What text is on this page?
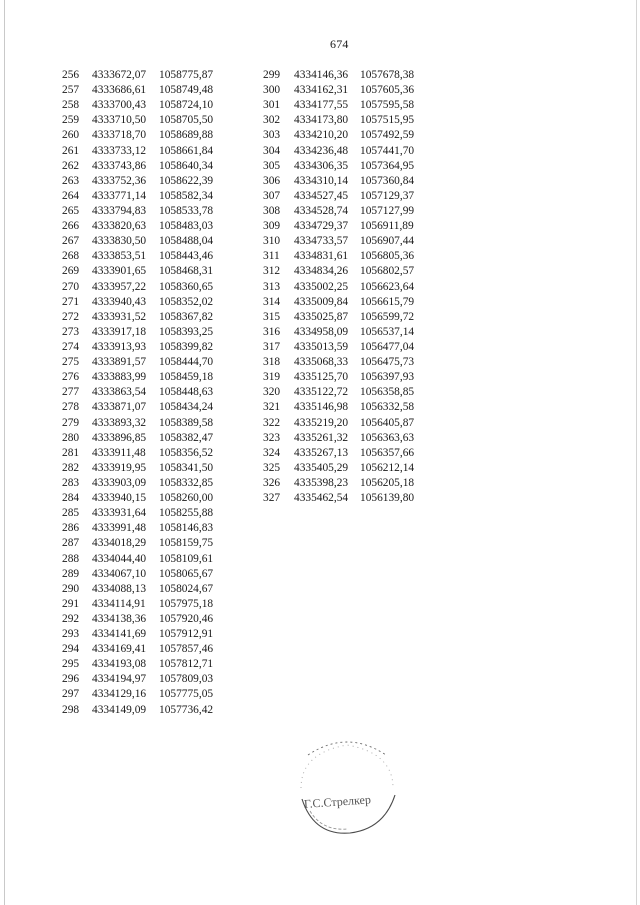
674
256	4333672,07	1058775,87
257	4333686,61	1058749,48
258	4333700,43	1058724,10
259	4333710,50	1058705,50
260	4333718,70	1058689,88
261	4333733,12	1058661,84
262	4333743,86	1058640,34
263	4333752,36	1058622,39
264	4333771,14	1058582,34
265	4333794,83	1058533,78
266	4333820,63	1058483,03
267	4333830,50	1058488,04
268	4333853,51	1058443,46
269	4333901,65	1058468,31
270	4333957,22	1058360,65
271	4333940,43	1058352,02
272	4333931,52	1058367,82
273	4333917,18	1058393,25
274	4333913,93	1058399,82
275	4333891,57	1058444,70
276	4333883,99	1058459,18
277	4333863,54	1058448,63
278	4333871,07	1058434,24
279	4333893,32	1058389,58
280	4333896,85	1058382,47
281	4333911,48	1058356,52
282	4333919,95	1058341,50
283	4333903,09	1058332,85
284	4333940,15	1058260,00
285	4333931,64	1058255,88
286	4333991,48	1058146,83
287	4334018,29	1058159,75
288	4334044,40	1058109,61
289	4334067,10	1058065,67
290	4334088,13	1058024,67
291	4334114,91	1057975,18
292	4334138,36	1057920,46
293	4334141,69	1057912,91
294	4334169,41	1057857,46
295	4334193,08	1057812,71
296	4334194,97	1057809,03
297	4334129,16	1057775,05
298	4334149,09	1057736,42
299	4334146,36	1057678,38
300	4334162,31	1057605,36
301	4334177,55	1057595,58
302	4334173,80	1057515,95
303	4334210,20	1057492,59
304	4334236,48	1057441,70
305	4334306,35	1057364,95
306	4334310,14	1057360,84
307	4334527,45	1057129,37
308	4334528,74	1057127,99
309	4334729,37	1056911,89
310	4334733,57	1056907,44
311	4334831,61	1056805,36
312	4334834,26	1056802,57
313	4335002,25	1056623,64
314	4335009,84	1056615,79
315	4335025,87	1056599,72
316	4334958,09	1056537,14
317	4335013,59	1056477,04
318	4335068,33	1056475,73
319	4335125,70	1056397,93
320	4335122,72	1056358,85
321	4335146,98	1056332,58
322	4335219,20	1056405,87
323	4335261,32	1056363,63
324	4335267,13	1056357,66
325	4335405,29	1056212,14
326	4335398,23	1056205,18
327	4335462,54	1056139,80
Г.С.Стрелкер
